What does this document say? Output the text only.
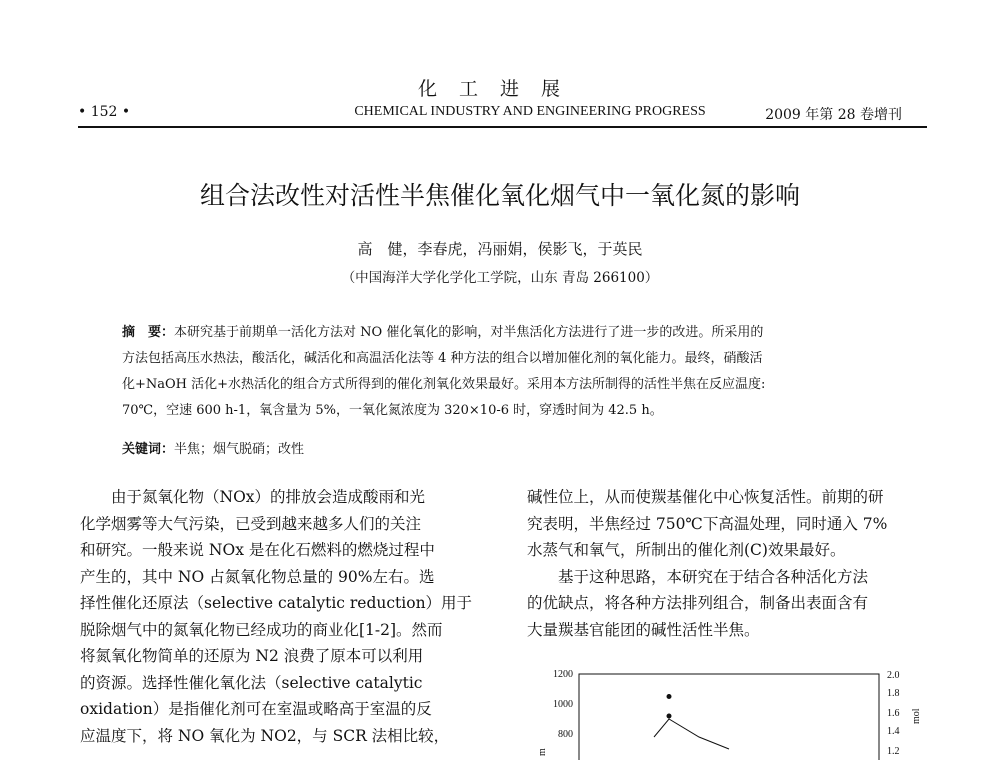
化工进展
• 152 •	CHEMICAL INDUSTRY AND ENGINEERING PROGRESS	2009 年第 28 卷增刊
组合法改性对活性半焦催化氧化烟气中一氧化氮的影响
高　健，李春虎，冯丽娟，侯影飞，于英民
（中国海洋大学化学化工学院，山东 青岛 266100）
摘　要：本研究基于前期单一活化方法对 NO 催化氧化的影响，对半焦活化方法进行了进一步的改进。所采用的
方法包括高压水热法，酸活化，碱活化和高温活化法等 4 种方法的组合以增加催化剂的氧化能力。最终，硝酸活
化+NaOH 活化+水热活化的组合方式所得到的催化剂氧化效果最好。采用本方法所制得的活性半焦在反应温度:
70℃，空速 600 h-1，氧含量为 5%，一氧化氮浓度为 320×10-6 时，穿透时间为 42.5 h。
关键词：半焦；烟气脱硝；改性

由于氮氧化物（NOx）的排放会造成酸雨和光

化学烟雾等大气污染，已受到越来越多人们的关注

和研究。一般来说 NOx 是在化石燃料的燃烧过程中

产生的，其中 NO 占氮氧化物总量的 90%左右。选

择性催化还原法（selective catalytic reduction）用于

脱除烟气中的氮氧化物已经成功的商业化[1-2]。然而

将氮氧化物简单的还原为 N2 浪费了原本可以利用

的资源。选择性催化氧化法（selective catalytic

oxidation）是指催化剂可在室温或略高于室温的反

应温度下，将 NO 氧化为 NO2，与 SCR 法相比较，

碱性位上，从而使羰基催化中心恢复活性。前期的研

究表明，半焦经过 750℃下高温处理，同时通入 7%

水蒸气和氧气，所制出的催化剂(C)效果最好。

基于这种思路，本研究在于结合各种活化方法

的优缺点，将各种方法排列组合，制备出表面含有

大量羰基官能团的碱性活性半焦。

1200
1000
800
2.0
1.8
1.6
1.4
1.2
m
mol
